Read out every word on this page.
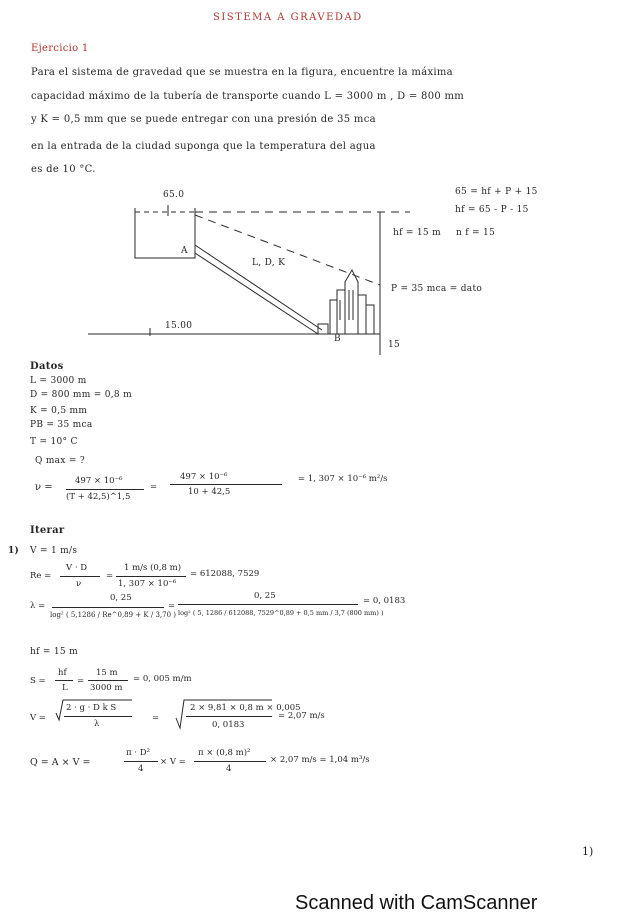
SISTEMA A GRAVEDAD
Ejercicio 1
Para el sistema de gravedad que se muestra en la figura, encuentre la máxima
capacidad máximo de la tubería de transporte cuando L = 3000 m , D = 800 mm
y K = 0,5 mm que se puede entregar con una presión de 35 mca
en la entrada de la ciudad suponga que la temperatura del agua
es de 10 °C.
65.0
A
L, D, K
15.00
B
hf = 15 m n f = 15
P = 35 mca = dato
15
65 = hf + P + 15
hf = 65 - P - 15
Datos
L = 3000 m
D = 800 mm = 0,8 m
K = 0,5 mm
PB = 35 mca
T = 10° C
Q max = ?
ν =
497 × 10⁻⁶
(T + 42,5)^1,5
=
497 × 10⁻⁶
10 + 42,5
= 1, 307 × 10⁻⁶ m²/s
Iterar
1) V = 1 m/s
Re =
V · D
ν
=
1 m/s (0,8 m)
1, 307 × 10⁻⁶
= 612088, 7529
λ =
0, 25
log² ( 5,1286 / Re^0,89 + K / 3,70 )
=
0, 25
log² ( 5, 1286 / 612088, 7529^0,89 + 0,5 mm / 3,7 (800 mm) )
= 0, 0183
hf = 15 m
S =
hf
L
=
15 m
3000 m
= 0, 005 m/m
V =
2 · g · D k S
λ
=
2 × 9,81 × 0,8 m × 0,005
0, 0183
= 2,07 m/s
Q = A × V =
π · D²
4
× V =
π × (0,8 m)²
4
× 2,07 m/s = 1,04 m³/s
1)
Scanned with CamScanner
